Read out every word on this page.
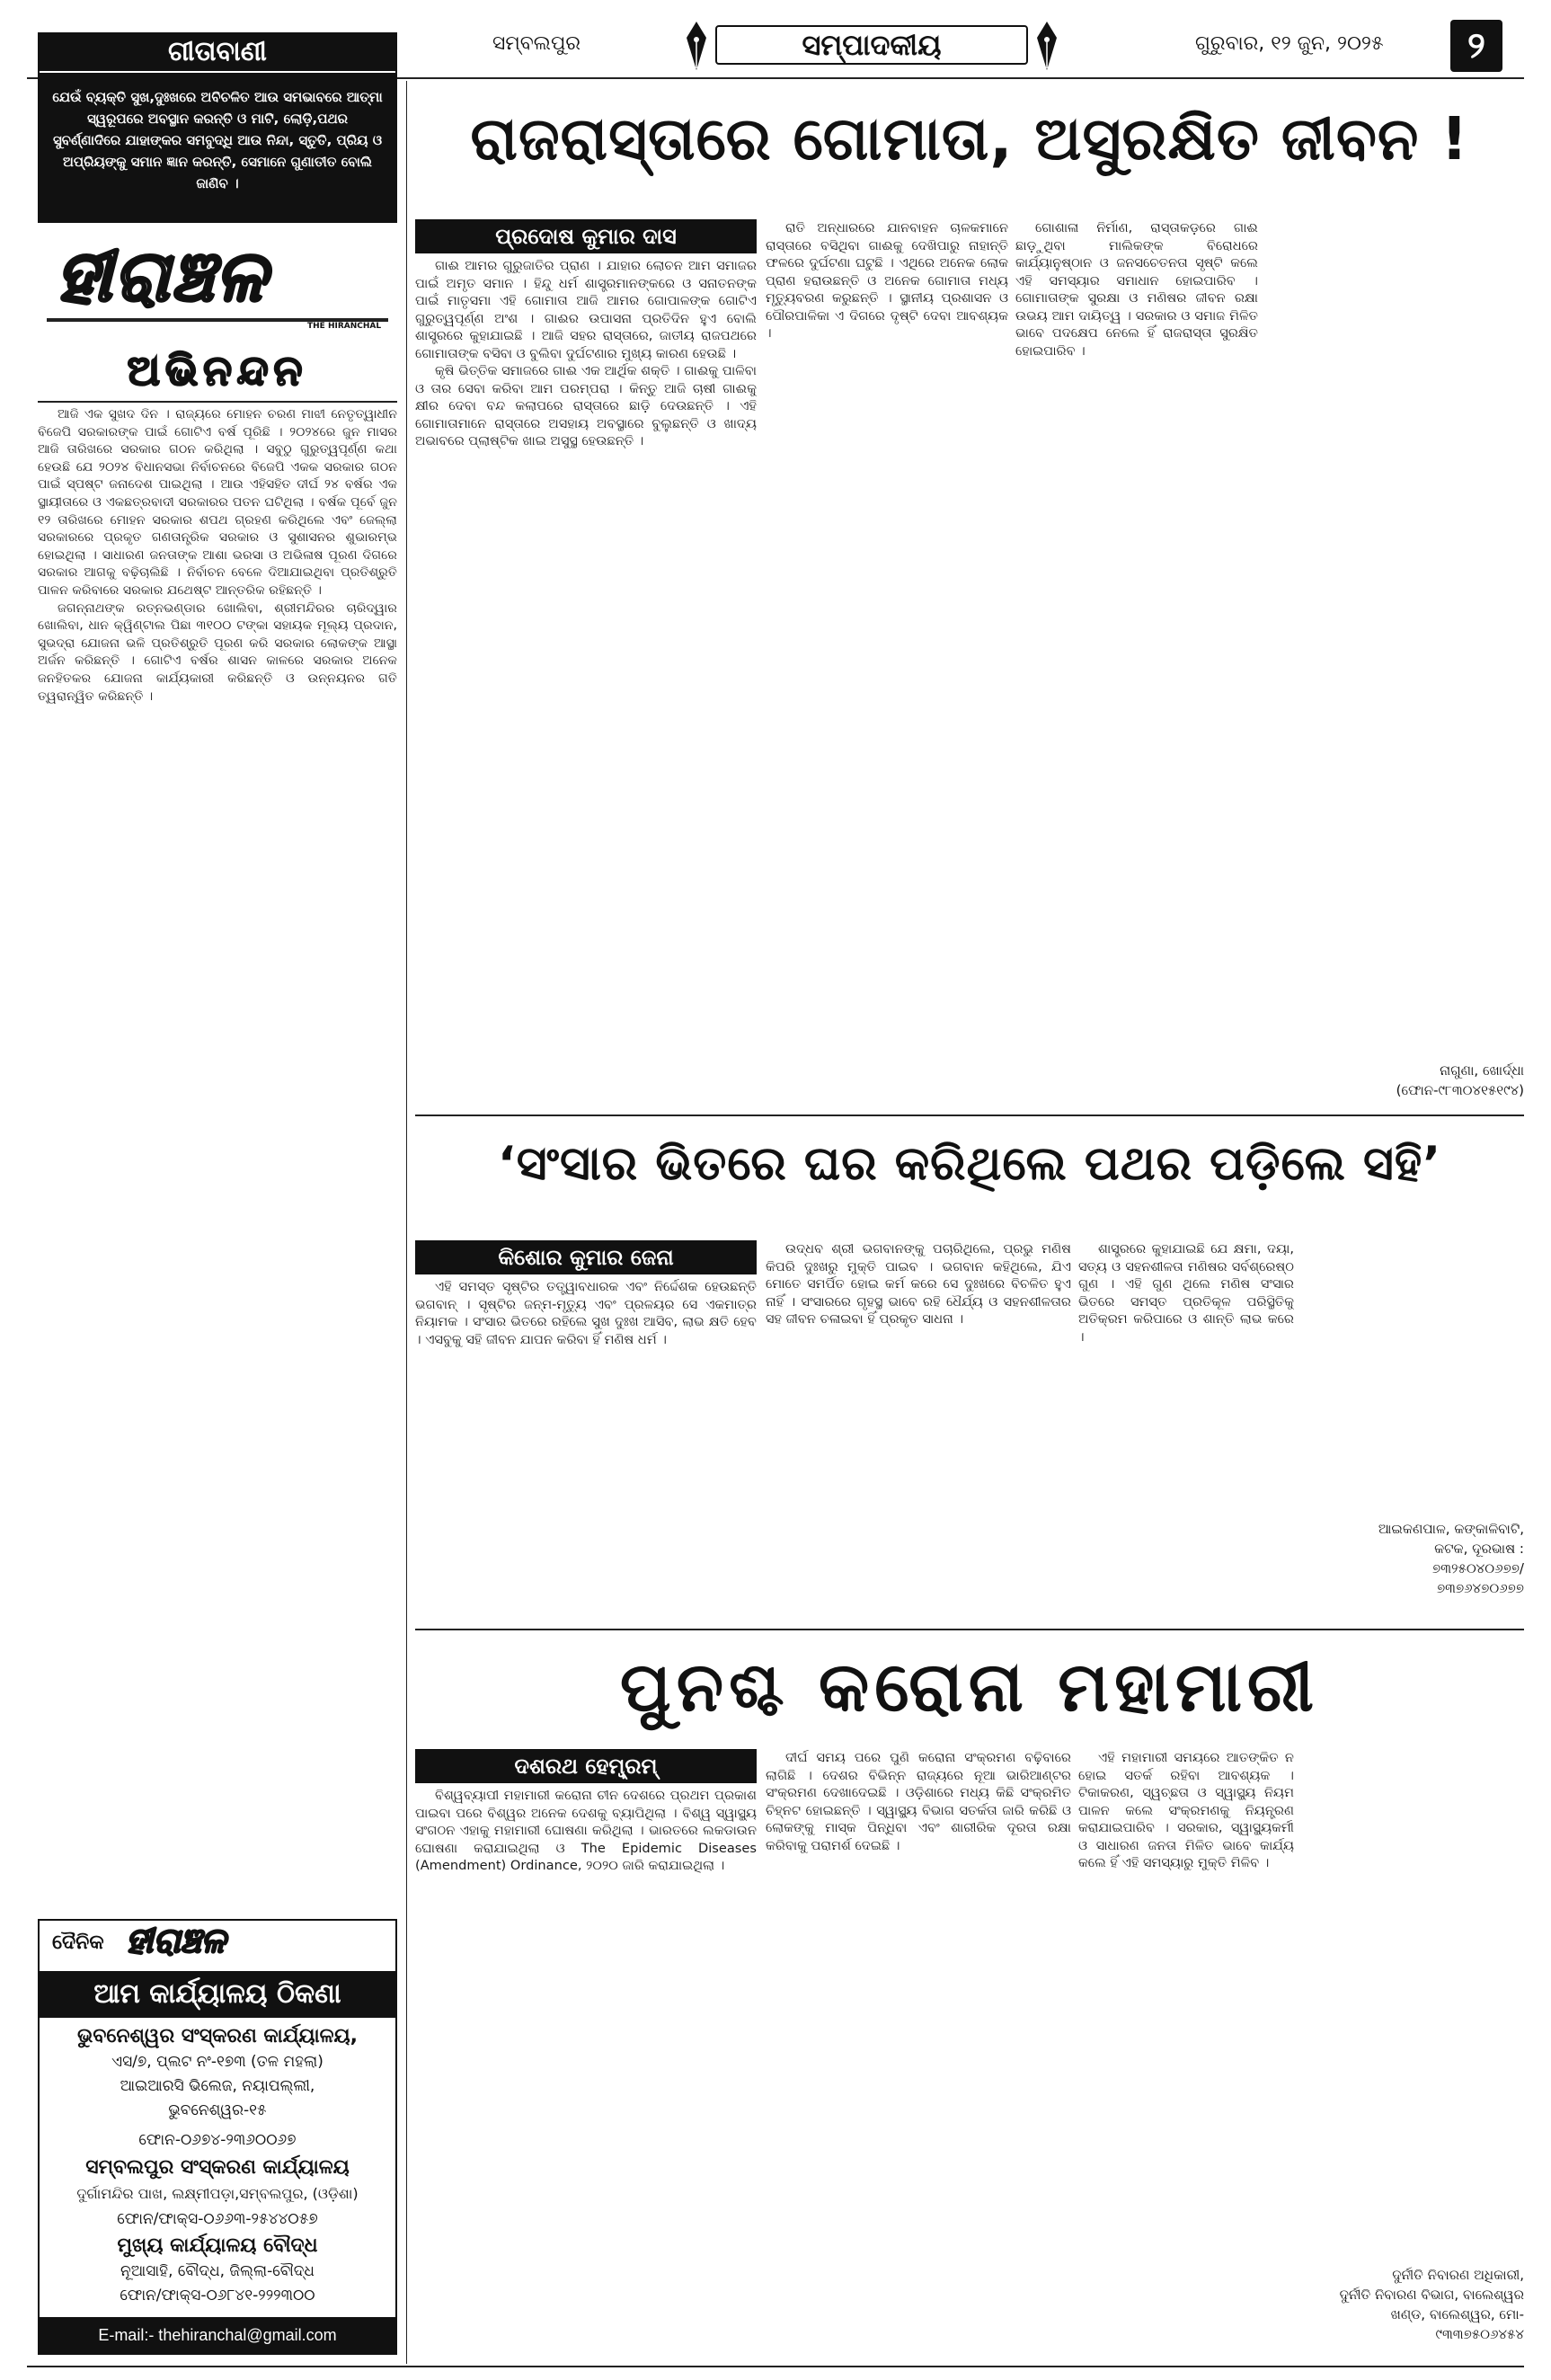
ସମ୍ବଲପୁର	ସମ୍ପାଦକୀୟ	ଗୁରୁବାର, ୧୨ ଜୁନ, ୨୦୨୫	୨
ଗୀତାବାଣୀ
ଯେଉଁ ବ୍ୟକ୍ତି ସୁଖ,ଦୁଃଖରେ ଅବିଚଳିତ ଆଉ ସମଭାବରେ ଆତ୍ମା ସ୍ୱରୂପରେ ଅବସ୍ଥାନ କରନ୍ତି ଓ ମାଟି, ଲୋଡ଼ି,ପଥର ସୁବର୍ଣ୍ଣାଦିରେ ଯାହାଙ୍କର ସମବୁଦ୍ଧି ଆଉ ନିନ୍ଦା, ସ୍ତୁତି, ପ୍ରିୟ ଓ ଅପ୍ରିୟଙ୍କୁ ସମାନ ଜ୍ଞାନ କରନ୍ତି, ସେମାନେ ଗୁଣାତୀତ ବୋଲି ଜାଣିବ ।
ହୀରାଞ୍ଚଳ
THE HIRANCHAL
ଅଭିନନ୍ଦନ

ଆଜି ଏକ ସୁଖଦ ଦିନ । ରାଜ୍ୟରେ ମୋହନ ଚରଣ ମାଝୀ ନେତୃତ୍ୱାଧୀନ ବିଜେପି ସରକାରଙ୍କ ପାଇଁ ଗୋଟିଏ ବର୍ଷ ପୂରିଛି । ୨୦୨୪ରେ ଜୁନ ମାସର ଆଜି ତାରିଖରେ ସରକାର ଗଠନ କରିଥିଲା । ସବୁଠୁ ଗୁରୁତ୍ୱପୂର୍ଣ୍ଣ କଥା ହେଉଛି ଯେ ୨୦୨୪ ବିଧାନସଭା ନିର୍ବାଚନରେ ବିଜେପି ଏକକ ସରକାର ଗଠନ ପାଇଁ ସ୍ପଷ୍ଟ ଜନାଦେଶ ପାଇଥିଲା । ଆଉ ଏହିସହିତ ଦୀର୍ଘ ୨୪ ବର୍ଷର ଏକ ସ୍ଥାୟୀତାରେ ଓ ଏକଛତ୍ରବାଦୀ ସରକାରର ପତନ ଘଟିଥିଲା । ବର୍ଷକ ପୂର୍ବେ ଜୁନ ୧୨ ତାରିଖରେ ମୋହନ ସରକାର ଶପଥ ଗ୍ରହଣ କରିଥିଲେ ଏବଂ ଜେଲ୍ଲା ସରକାରରେ ପ୍ରକୃତ ଗଣତାନ୍ତ୍ରିକ ସରକାର ଓ ସୁଶାସନର ଶୁଭାରମ୍ଭ ହୋଇଥିଲା । ସାଧାରଣ ଜନତାଙ୍କ ଆଶା ଭରସା ଓ ଅଭିଳାଷ ପୂରଣ ଦିଗରେ ସରକାର ଆଗକୁ ବଢ଼ିଚାଲିଛି । ନିର୍ବାଚନ ବେଳେ ଦିଆଯାଇଥିବା ପ୍ରତିଶ୍ରୁତି ପାଳନ କରିବାରେ ସରକାର ଯଥେଷ୍ଟ ଆନ୍ତରିକ ରହିଛନ୍ତି ।

ଜଗନ୍ନାଥଙ୍କ ରତ୍ନଭଣ୍ଡାର ଖୋଲିବା, ଶ୍ରୀମନ୍ଦିରର ଚାରିଦ୍ୱାର ଖୋଲିବା, ଧାନ କ୍ୱିଣ୍ଟାଲ ପିଛା ୩୧୦୦ ଟଙ୍କା ସହାୟକ ମୂଲ୍ୟ ପ୍ରଦାନ, ସୁଭଦ୍ରା ଯୋଜନା ଭଳି ପ୍ରତିଶ୍ରୁତି ପୂରଣ କରି ସରକାର ଲୋକଙ୍କ ଆସ୍ଥା ଅର୍ଜନ କରିଛନ୍ତି । ଗୋଟିଏ ବର୍ଷର ଶାସନ କାଳରେ ସରକାର ଅନେକ ଜନହିତକର ଯୋଜନା କାର୍ଯ୍ୟକାରୀ କରିଛନ୍ତି ଓ ଉନ୍ନୟନର ଗତି ତ୍ୱରାନ୍ୱିତ କରିଛନ୍ତି ।

ଦୈନିକ ହୀରାଞ୍ଚଳ
ଆମ କାର୍ଯ୍ୟାଳୟ ଠିକଣା
ଭୁବନେଶ୍ୱର ସଂସ୍କରଣ କାର୍ଯ୍ୟାଳୟ,
ଏସ/୭, ପ୍ଲଟ ନଂ-୧୭୩ (ତଳ ମହଲା)
ଆଇଆରସି ଭିଲେଜ, ନୟାପଲ୍ଲୀ,
ଭୁବନେଶ୍ୱର-୧୫
ଫୋନ-୦୬୭୪-୨୩୬୦୦୬୭
ସମ୍ବଲପୁର ସଂସ୍କରଣ କାର୍ଯ୍ୟାଳୟ
ଦୁର୍ଗାମନ୍ଦିର ପାଖ, ଲକ୍ଷ୍ମୀପଡ଼ା,ସମ୍ବଲପୁର, (ଓଡ଼ିଶା)
ଫୋନ/ଫାକ୍ସ-୦୬୬୩-୨୫୪୪୦୫୭
ମୁଖ୍ୟ କାର୍ଯ୍ୟାଳୟ ବୌଦ୍ଧ
ନୂଆସାହି, ବୌଦ୍ଧ, ଜିଲ୍ଲା-ବୌଦ୍ଧ
ଫୋନ/ଫାକ୍ସ-୦୬୮୪୧-୨୨୨୩୦୦
E-mail:- thehiranchal@gmail.com
ରାଜରାସ୍ତାରେ ଗୋମାତା, ଅସୁରକ୍ଷିତ ଜୀବନ !
ପ୍ରଦୋଷ କୁମାର ଦାସ

ଗାଈ ଆମର ଗୁରୁଜାତିର ପ୍ରାଣ । ଯାହାର ଲୋଚନ ଆମ ସମାଜର ପାଇଁ ଅମୃତ ସମାନ । ହିନ୍ଦୁ ଧର୍ମ ଶାସ୍ତ୍ରମାନଙ୍କରେ ଓ ସନାତନଙ୍କ ପାଇଁ ମାତୃସମା ଏହି ଗୋମାତା ଆଜି ଆମର ଗୋପାଳଙ୍କ ଗୋଟିଏ ଗୁରୁତ୍ୱପୂର୍ଣ୍ଣ ଅଂଶ । ଗାଈର ଉପାସନା ପ୍ରତିଦିନ ହୁଏ ବୋଲି ଶାସ୍ତ୍ରରେ କୁହାଯାଇଛି । ଆଜି ସହର ରାସ୍ତାରେ, ଜାତୀୟ ରାଜପଥରେ ଗୋମାତାଙ୍କ ବସିବା ଓ ବୁଲିବା ଦୁର୍ଘଟଣାର ମୁଖ୍ୟ କାରଣ ହେଉଛି ।

କୃଷି ଭିତ୍ତିକ ସମାଜରେ ଗାଈ ଏକ ଆର୍ଥିକ ଶକ୍ତି । ଗାଈକୁ ପାଳିବା ଓ ତାର ସେବା କରିବା ଆମ ପରମ୍ପରା । କିନ୍ତୁ ଆଜି ଚାଷୀ ଗାଈକୁ କ୍ଷୀର ଦେବା ବନ୍ଦ କଲାପରେ ରାସ୍ତାରେ ଛାଡ଼ି ଦେଉଛନ୍ତି । ଏହି ଗୋମାତାମାନେ ରାସ୍ତାରେ ଅସହାୟ ଅବସ୍ଥାରେ ବୁଲୁଛନ୍ତି ଓ ଖାଦ୍ୟ ଅଭାବରେ ପ୍ଲାଷ୍ଟିକ ଖାଇ ଅସୁସ୍ଥ ହେଉଛନ୍ତି ।

ରାତି ଅନ୍ଧାରରେ ଯାନବାହନ ଚାଳକମାନେ ରାସ୍ତାରେ ବସିଥିବା ଗାଈକୁ ଦେଖିପାରୁ ନାହାନ୍ତି ଫଳରେ ଦୁର୍ଘଟଣା ଘଟୁଛି । ଏଥିରେ ଅନେକ ଲୋକ ପ୍ରାଣ ହରାଉଛନ୍ତି ଓ ଅନେକ ଗୋମାତା ମଧ୍ୟ ମୃତ୍ୟୁବରଣ କରୁଛନ୍ତି । ସ୍ଥାନୀୟ ପ୍ରଶାସନ ଓ ପୌରପାଳିକା ଏ ଦିଗରେ ଦୃଷ୍ଟି ଦେବା ଆବଶ୍ୟକ ।

ଗୋଶାଳା ନିର୍ମାଣ, ରାସ୍ତାକଡ଼ରେ ଗାଈ ଛାଡ଼ୁଥିବା ମାଲିକଙ୍କ ବିରୋଧରେ କାର୍ଯ୍ୟାନୁଷ୍ଠାନ ଓ ଜନସଚେତନତା ସୃଷ୍ଟି କଲେ ଏହି ସମସ୍ୟାର ସମାଧାନ ହୋଇପାରିବ । ଗୋମାତାଙ୍କ ସୁରକ୍ଷା ଓ ମଣିଷର ଜୀବନ ରକ୍ଷା ଉଭୟ ଆମ ଦାୟିତ୍ୱ । ସରକାର ଓ ସମାଜ ମିଳିତ ଭାବେ ପଦକ୍ଷେପ ନେଲେ ହିଁ ରାଜରାସ୍ତା ସୁରକ୍ଷିତ ହୋଇପାରିବ ।

ନାଗୁଣା, ଖୋର୍ଦ୍ଧା
(ଫୋନ-୯୮୩୦୪୧୫୧୯୪)
‘ସଂସାର ଭିତରେ ଘର କରିଥିଲେ ପଥର ପଡ଼ିଲେ ସହି’
କିଶୋର କୁମାର ଜେନା

ଏହି ସମସ୍ତ ସୃଷ୍ଟିର ତତ୍ତ୍ୱାବଧାରକ ଏବଂ ନିର୍ଦ୍ଦେଶକ ହେଉଛନ୍ତି ଭଗବାନ୍ । ସୃଷ୍ଟିର ଜନ୍ମ-ମୃତ୍ୟୁ ଏବଂ ପ୍ରଳୟର ସେ ଏକମାତ୍ର ନିୟାମକ । ସଂସାର ଭିତରେ ରହିଲେ ସୁଖ ଦୁଃଖ ଆସିବ, ଲାଭ କ୍ଷତି ହେବ । ଏସବୁକୁ ସହି ଜୀବନ ଯାପନ କରିବା ହିଁ ମଣିଷ ଧର୍ମ ।

ଉଦ୍ଧବ ଶ୍ରୀ ଭଗବାନଙ୍କୁ ପଚାରିଥିଲେ, ପ୍ରଭୁ ମଣିଷ କିପରି ଦୁଃଖରୁ ମୁକ୍ତି ପାଇବ । ଭଗବାନ କହିଥିଲେ, ଯିଏ ମୋତେ ସମର୍ପିତ ହୋଇ କର୍ମ କରେ ସେ ଦୁଃଖରେ ବିଚଳିତ ହୁଏ ନାହିଁ । ସଂସାରରେ ଗୃହସ୍ଥ ଭାବେ ରହି ଧୈର୍ଯ୍ୟ ଓ ସହନଶୀଳତାର ସହ ଜୀବନ ଚଳାଇବା ହିଁ ପ୍ରକୃତ ସାଧନା ।

ଶାସ୍ତ୍ରରେ କୁହାଯାଇଛି ଯେ କ୍ଷମା, ଦୟା, ସତ୍ୟ ଓ ସହନଶୀଳତା ମଣିଷର ସର୍ବଶ୍ରେଷ୍ଠ ଗୁଣ । ଏହି ଗୁଣ ଥିଲେ ମଣିଷ ସଂସାର ଭିତରେ ସମସ୍ତ ପ୍ରତିକୂଳ ପରିସ୍ଥିତିକୁ ଅତିକ୍ରମ କରିପାରେ ଓ ଶାନ୍ତି ଲାଭ କରେ ।

ଆଇକଣପାଳ, କଙ୍କାଳିବାଟି,
କଟକ, ଦୂରଭାଷ :
୭୩୨୫୦୪୦୬୭୭/
୭୩୭୬୪୭୦୬୭୭
ପୁନଶ୍ଚ କରୋନା ମହାମାରୀ
ଦଶରଥ ହେମ୍ବ୍ରମ୍

ବିଶ୍ୱବ୍ୟାପୀ ମହାମାରୀ କରୋନା ଚୀନ ଦେଶରେ ପ୍ରଥମ ପ୍ରକାଶ ପାଇବା ପରେ ବିଶ୍ୱର ଅନେକ ଦେଶକୁ ବ୍ୟାପିଥିଲା । ବିଶ୍ୱ ସ୍ୱାସ୍ଥ୍ୟ ସଂଗଠନ ଏହାକୁ ମହାମାରୀ ଘୋଷଣା କରିଥିଲା । ଭାରତରେ ଲକଡାଉନ ଘୋଷଣା କରାଯାଇଥିଲା ଓ The Epidemic Diseases (Amendment) Ordinance, ୨୦୨୦ ଜାରି କରାଯାଇଥିଲା ।

ଦୀର୍ଘ ସମୟ ପରେ ପୁଣି କରୋନା ସଂକ୍ରମଣ ବଢ଼ିବାରେ ଲାଗିଛି । ଦେଶର ବିଭିନ୍ନ ରାଜ୍ୟରେ ନୂଆ ଭାରିଆଣ୍ଟର ସଂକ୍ରମଣ ଦେଖାଦେଇଛି । ଓଡ଼ିଶାରେ ମଧ୍ୟ କିଛି ସଂକ୍ରମିତ ଚିହ୍ନଟ ହୋଇଛନ୍ତି । ସ୍ୱାସ୍ଥ୍ୟ ବିଭାଗ ସତର୍କତା ଜାରି କରିଛି ଓ ଲୋକଙ୍କୁ ମାସ୍କ ପିନ୍ଧିବା ଏବଂ ଶାରୀରିକ ଦୂରତା ରକ୍ଷା କରିବାକୁ ପରାମର୍ଶ ଦେଇଛି ।

ଏହି ମହାମାରୀ ସମୟରେ ଆତଙ୍କିତ ନ ହୋଇ ସତର୍କ ରହିବା ଆବଶ୍ୟକ । ଟିକାକରଣ, ସ୍ୱଚ୍ଛତା ଓ ସ୍ୱାସ୍ଥ୍ୟ ନିୟମ ପାଳନ କଲେ ସଂକ୍ରମଣକୁ ନିୟନ୍ତ୍ରଣ କରାଯାଇପାରିବ । ସରକାର, ସ୍ୱାସ୍ଥ୍ୟକର୍ମୀ ଓ ସାଧାରଣ ଜନତା ମିଳିତ ଭାବେ କାର୍ଯ୍ୟ କଲେ ହିଁ ଏହି ସମସ୍ୟାରୁ ମୁକ୍ତି ମିଳିବ ।

ଦୁର୍ନୀତି ନିବାରଣ ଅଧିକାରୀ,
ଦୁର୍ନୀତି ନିବାରଣ ବିଭାଗ, ବାଲେଶ୍ୱର
ଖଣ୍ଡ, ବାଲେଶ୍ୱର, ମୋ-
୯୩୩୭୫୦୬୪୫୪
